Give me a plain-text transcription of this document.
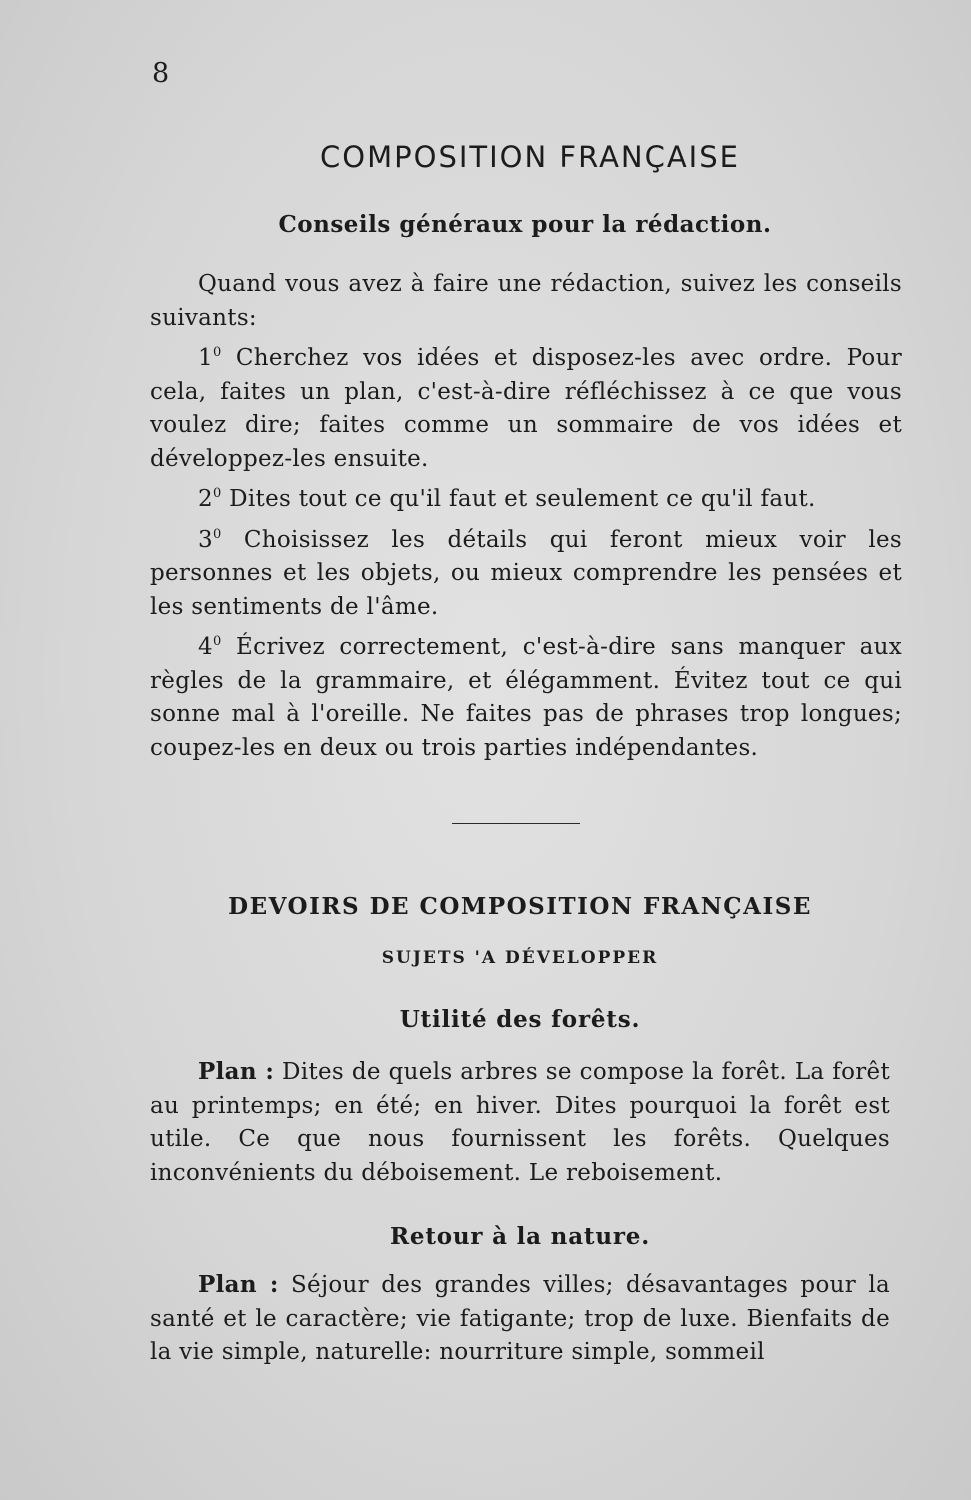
8
COMPOSITION FRANÇAISE
Conseils généraux pour la rédaction.
Quand vous avez à faire une rédaction, suivez les conseils suivants:
$1^0$ Cherchez vos idées et disposez-les avec ordre. Pour cela, faites un plan, c'est-à-dire réfléchissez à ce que vous voulez dire; faites comme un sommaire de vos idées et développez-les ensuite.
$2^0$ Dites tout ce qu'il faut et seulement ce qu'il faut.
$3^0$ Choisissez les détails qui feront mieux voir les personnes et les objets, ou mieux comprendre les pensées et les sentiments de l'âme.
$4^0$ Écrivez correctement, c'est-à-dire sans manquer aux règles de la grammaire, et élégamment. Évitez tout ce qui sonne mal à l'oreille. Ne faites pas de phrases trop longues; coupez-les en deux ou trois parties indépendantes.
DEVOIRS DE COMPOSITION FRANÇAISE
SUJETS 'A DÉVELOPPER
Utilité des forêts.
Plan : Dites de quels arbres se compose la forêt. La forêt au printemps; en été; en hiver. Dites pourquoi la forêt est utile. Ce que nous fournissent les forêts. Quelques inconvénients du déboisement. Le reboisement.
Retour à la nature.
Plan : Séjour des grandes villes; désavantages pour la santé et le caractère; vie fatigante; trop de luxe. Bienfaits de la vie simple, naturelle: nourriture simple, sommeil
